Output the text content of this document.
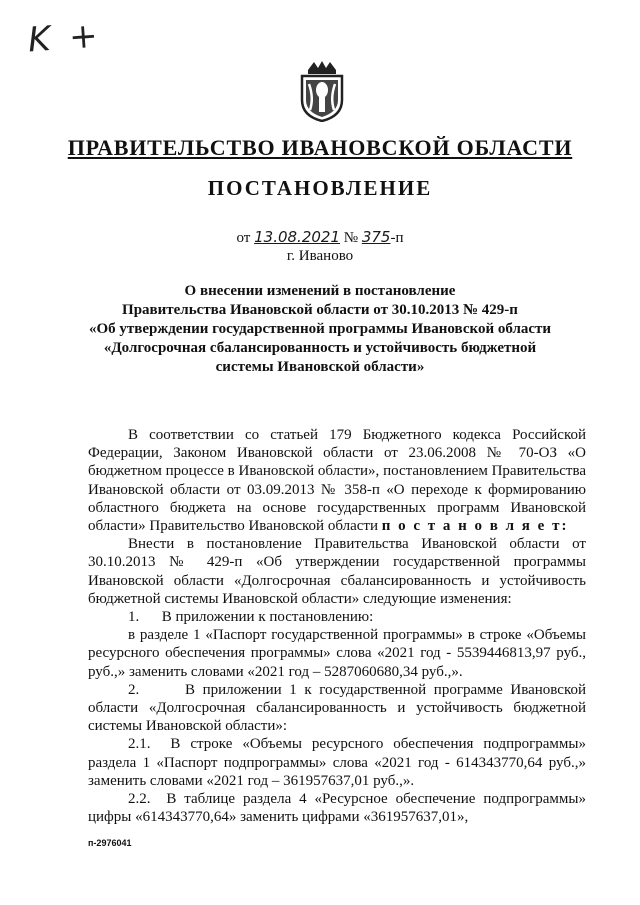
K +
ПРАВИТЕЛЬСТВО ИВАНОВСКОЙ ОБЛАСТИ
ПОСТАНОВЛЕНИЕ
от 13.08.2021 № 375-п
г. Иваново
О внесении изменений в постановление
Правительства Ивановской области от 30.10.2013 № 429-п
«Об утверждении государственной программы Ивановской области
«Долгосрочная сбалансированность и устойчивость бюджетной
системы Ивановской области»

В соответствии со статьей 179 Бюджетного кодекса Российской Федерации, Законом Ивановской области от 23.06.2008 № 70-ОЗ «О бюджетном процессе в Ивановской области», постановлением Правительства Ивановской области от 03.09.2013 № 358-п «О переходе к формированию областного бюджета на основе государственных программ Ивановской области» Правительство Ивановской области п о с т а н о в л я е т:

Внести в постановление Правительства Ивановской области от 30.10.2013 № 429-п «Об утверждении государственной программы Ивановской области «Долгосрочная сбалансированность и устойчивость бюджетной системы Ивановской области» следующие изменения:

1.      В приложении к постановлению:

в разделе 1 «Паспорт государственной программы» в строке «Объемы ресурсного обеспечения программы» слова «2021 год - 5539446813,97 руб., руб.,» заменить словами «2021 год – 5287060680,34 руб.,».

2.      В приложении 1 к государственной программе Ивановской области «Долгосрочная сбалансированность и устойчивость бюджетной системы Ивановской области»:

2.1.  В строке «Объемы ресурсного обеспечения подпрограммы» раздела 1 «Паспорт подпрограммы» слова «2021 год - 614343770,64 руб.,» заменить словами «2021 год – 361957637,01 руб.,».

2.2.  В таблице раздела 4 «Ресурсное обеспечение подпрограммы» цифры «614343770,64» заменить цифрами «361957637,01»,

п-2976041
